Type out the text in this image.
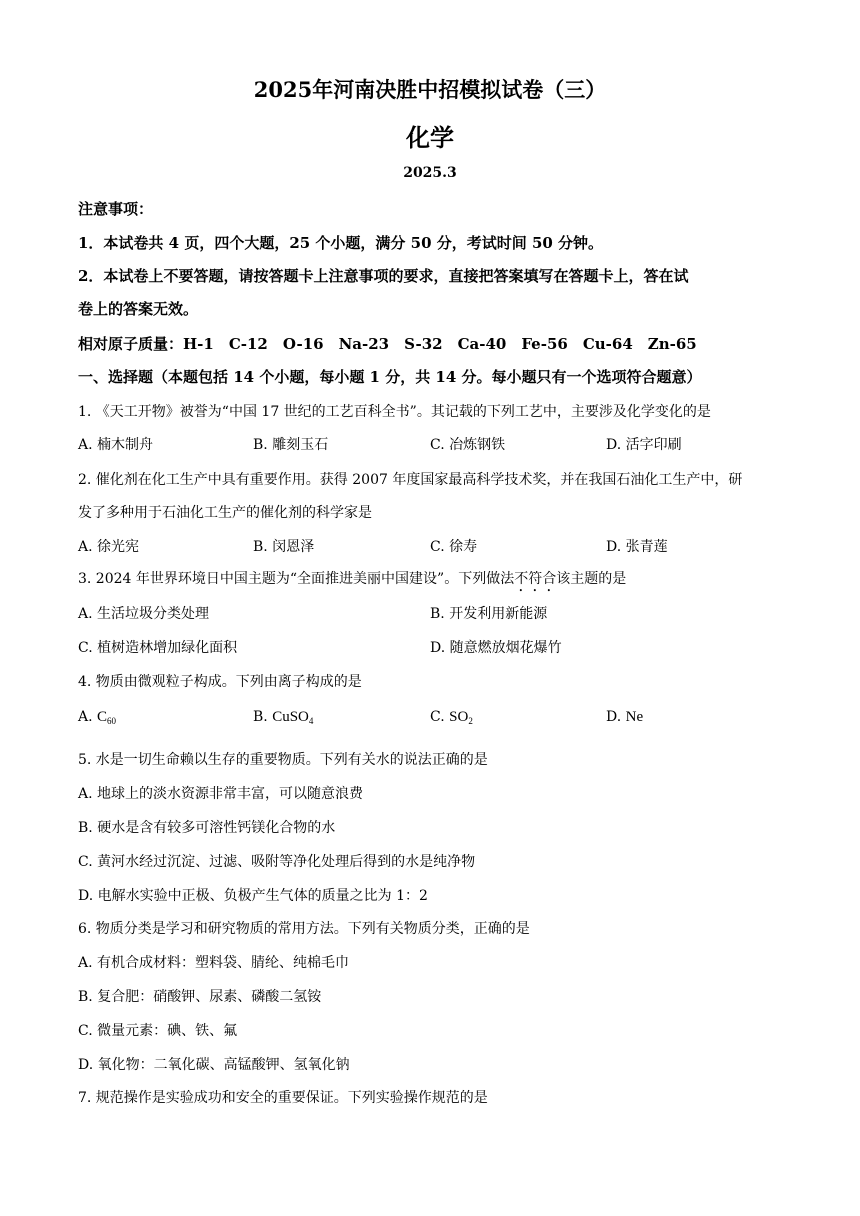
2025年河南决胜中招模拟试卷（三）
化学
2025.3
注意事项：
1．本试卷共 4 页，四个大题，25 个小题，满分 50 分，考试时间 50 分钟。
2．本试卷上不要答题，请按答题卡上注意事项的要求，直接把答案填写在答题卡上，答在试
卷上的答案无效。
相对原子质量：H-1　C-12　O-16　Na-23　S-32　Ca-40　Fe-56　Cu-64　Zn-65
一、选择题（本题包括 14 个小题，每小题 1 分，共 14 分。每小题只有一个选项符合题意）
1. 《天工开物》被誉为“中国 17 世纪的工艺百科全书”。其记载的下列工艺中，主要涉及化学变化的是
A. 楠木制舟	B. 雕刻玉石	C. 冶炼钢铁	D. 活字印刷
2. 催化剂在化工生产中具有重要作用。获得 2007 年度国家最高科学技术奖，并在我国石油化工生产中，研
发了多种用于石油化工生产的催化剂的科学家是
A. 徐光宪	B. 闵恩泽	C. 徐寿	D. 张青莲
3. 2024 年世界环境日中国主题为“全面推进美丽中国建设”。下列做法不符合该主题的是
A. 生活垃圾分类处理	B. 开发利用新能源
C. 植树造林增加绿化面积	D. 随意燃放烟花爆竹
4. 物质由微观粒子构成。下列由离子构成的是
A. $C_{60}$	B. CuSO$_4$	C. $SO_2$	D. Ne
5. 水是一切生命赖以生存的重要物质。下列有关水的说法正确的是
A. 地球上的淡水资源非常丰富，可以随意浪费
B. 硬水是含有较多可溶性钙镁化合物的水
C. 黄河水经过沉淀、过滤、吸附等净化处理后得到的水是纯净物
D. 电解水实验中正极、负极产生气体的质量之比为 1：2
6. 物质分类是学习和研究物质的常用方法。下列有关物质分类，正确的是
A. 有机合成材料：塑料袋、腈纶、纯棉毛巾
B. 复合肥：硝酸钾、尿素、磷酸二氢铵
C. 微量元素：碘、铁、氟
D. 氧化物：二氧化碳、高锰酸钾、氢氧化钠
7. 规范操作是实验成功和安全的重要保证。下列实验操作规范的是
